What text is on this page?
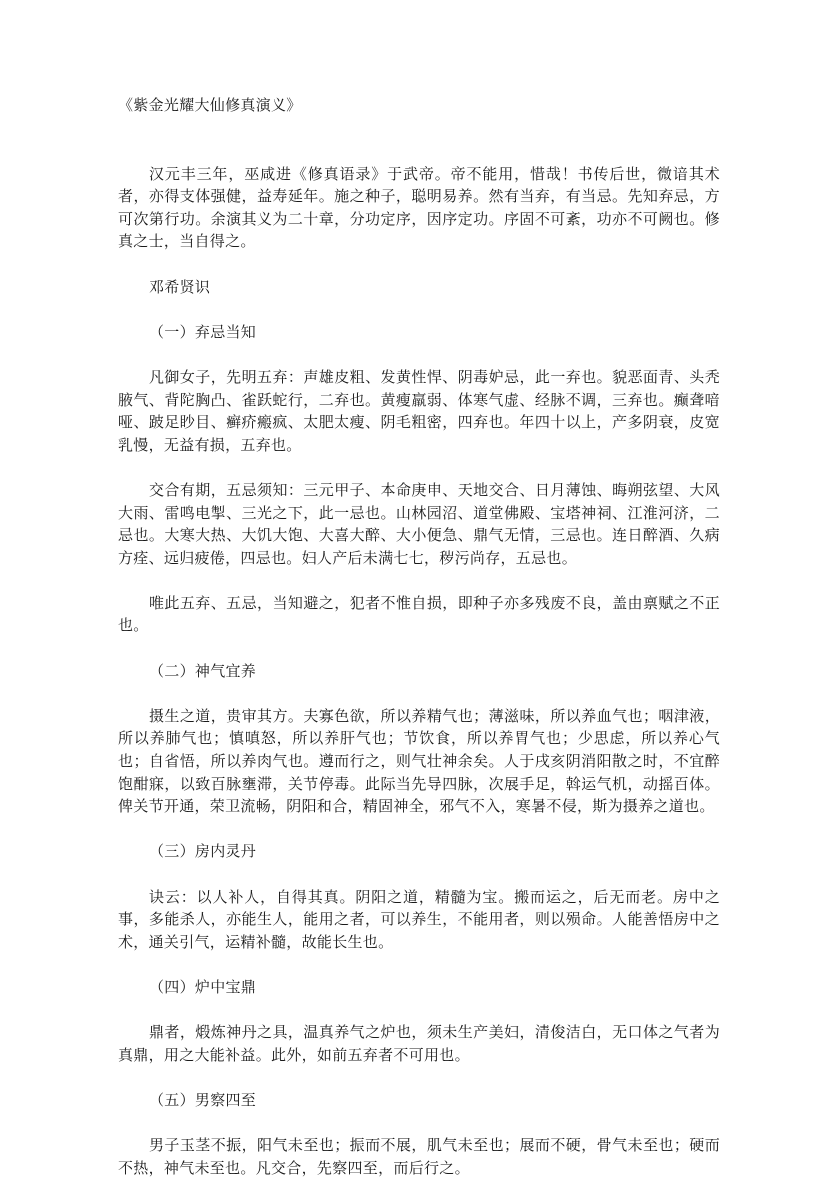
《紫金光耀大仙修真演义》

汉元丰三年，巫咸进《修真语录》于武帝。帝不能用，惜哉！书传后世，微谙其术者，亦得支体强健，益寿延年。施之种子，聪明易养。然有当弃，有当忌。先知弃忌，方可次第行功。余演其义为二十章，分功定序，因序定功。序固不可紊，功亦不可阙也。修真之士，当自得之。

邓希贤识

（一）弃忌当知

凡御女子，先明五弃：声雄皮粗、发黄性悍、阴毒妒忌，此一弃也。貌恶面青、头秃腋气、背陀胸凸、雀跃蛇行，二弃也。黄瘦羸弱、体寒气虚、经脉不调，三弃也。癫聋喑哑、跛足眇目、癣疥瘢疯、太肥太瘦、阴毛粗密，四弃也。年四十以上，产多阴衰，皮宽乳慢，无益有损，五弃也。

交合有期，五忌须知：三元甲子、本命庚申、天地交合、日月薄蚀、晦朔弦望、大风大雨、雷鸣电掣、三光之下，此一忌也。山林园沼、道堂佛殿、宝塔神祠、江淮河济，二忌也。大寒大热、大饥大饱、大喜大醉、大小便急、鼎气无情，三忌也。连日醉酒、久病方痊、远归疲倦，四忌也。妇人产后未满七七，秽污尚存，五忌也。

唯此五弃、五忌，当知避之，犯者不惟自损，即种子亦多残废不良，盖由禀赋之不正也。

（二）神气宜养

摄生之道，贵审其方。夫寡色欲，所以养精气也；薄滋味，所以养血气也；咽津液，所以养肺气也；慎嗔怒，所以养肝气也；节饮食，所以养胃气也；少思虑，所以养心气也；自省悟，所以养肉气也。遵而行之，则气壮神余矣。人于戌亥阴消阳散之时，不宜醉饱酣寐，以致百脉壅滞，关节停毒。此际当先导四脉，次展手足，斡运气机，动摇百体。俾关节开通，荣卫流畅，阴阳和合，精固神全，邪气不入，寒暑不侵，斯为摄养之道也。

（三）房内灵丹

诀云：以人补人，自得其真。阴阳之道，精髓为宝。搬而运之，后无而老。房中之事，多能杀人，亦能生人，能用之者，可以养生，不能用者，则以殒命。人能善悟房中之术，通关引气，运精补髓，故能长生也。

（四）炉中宝鼎

鼎者，煅炼神丹之具，温真养气之炉也，须未生产美妇，清俊洁白，无口体之气者为真鼎，用之大能补益。此外，如前五弃者不可用也。

（五）男察四至

男子玉茎不振，阳气未至也；振而不展，肌气未至也；展而不硬，骨气未至也；硬而不热，神气未至也。凡交合，先察四至，而后行之。
